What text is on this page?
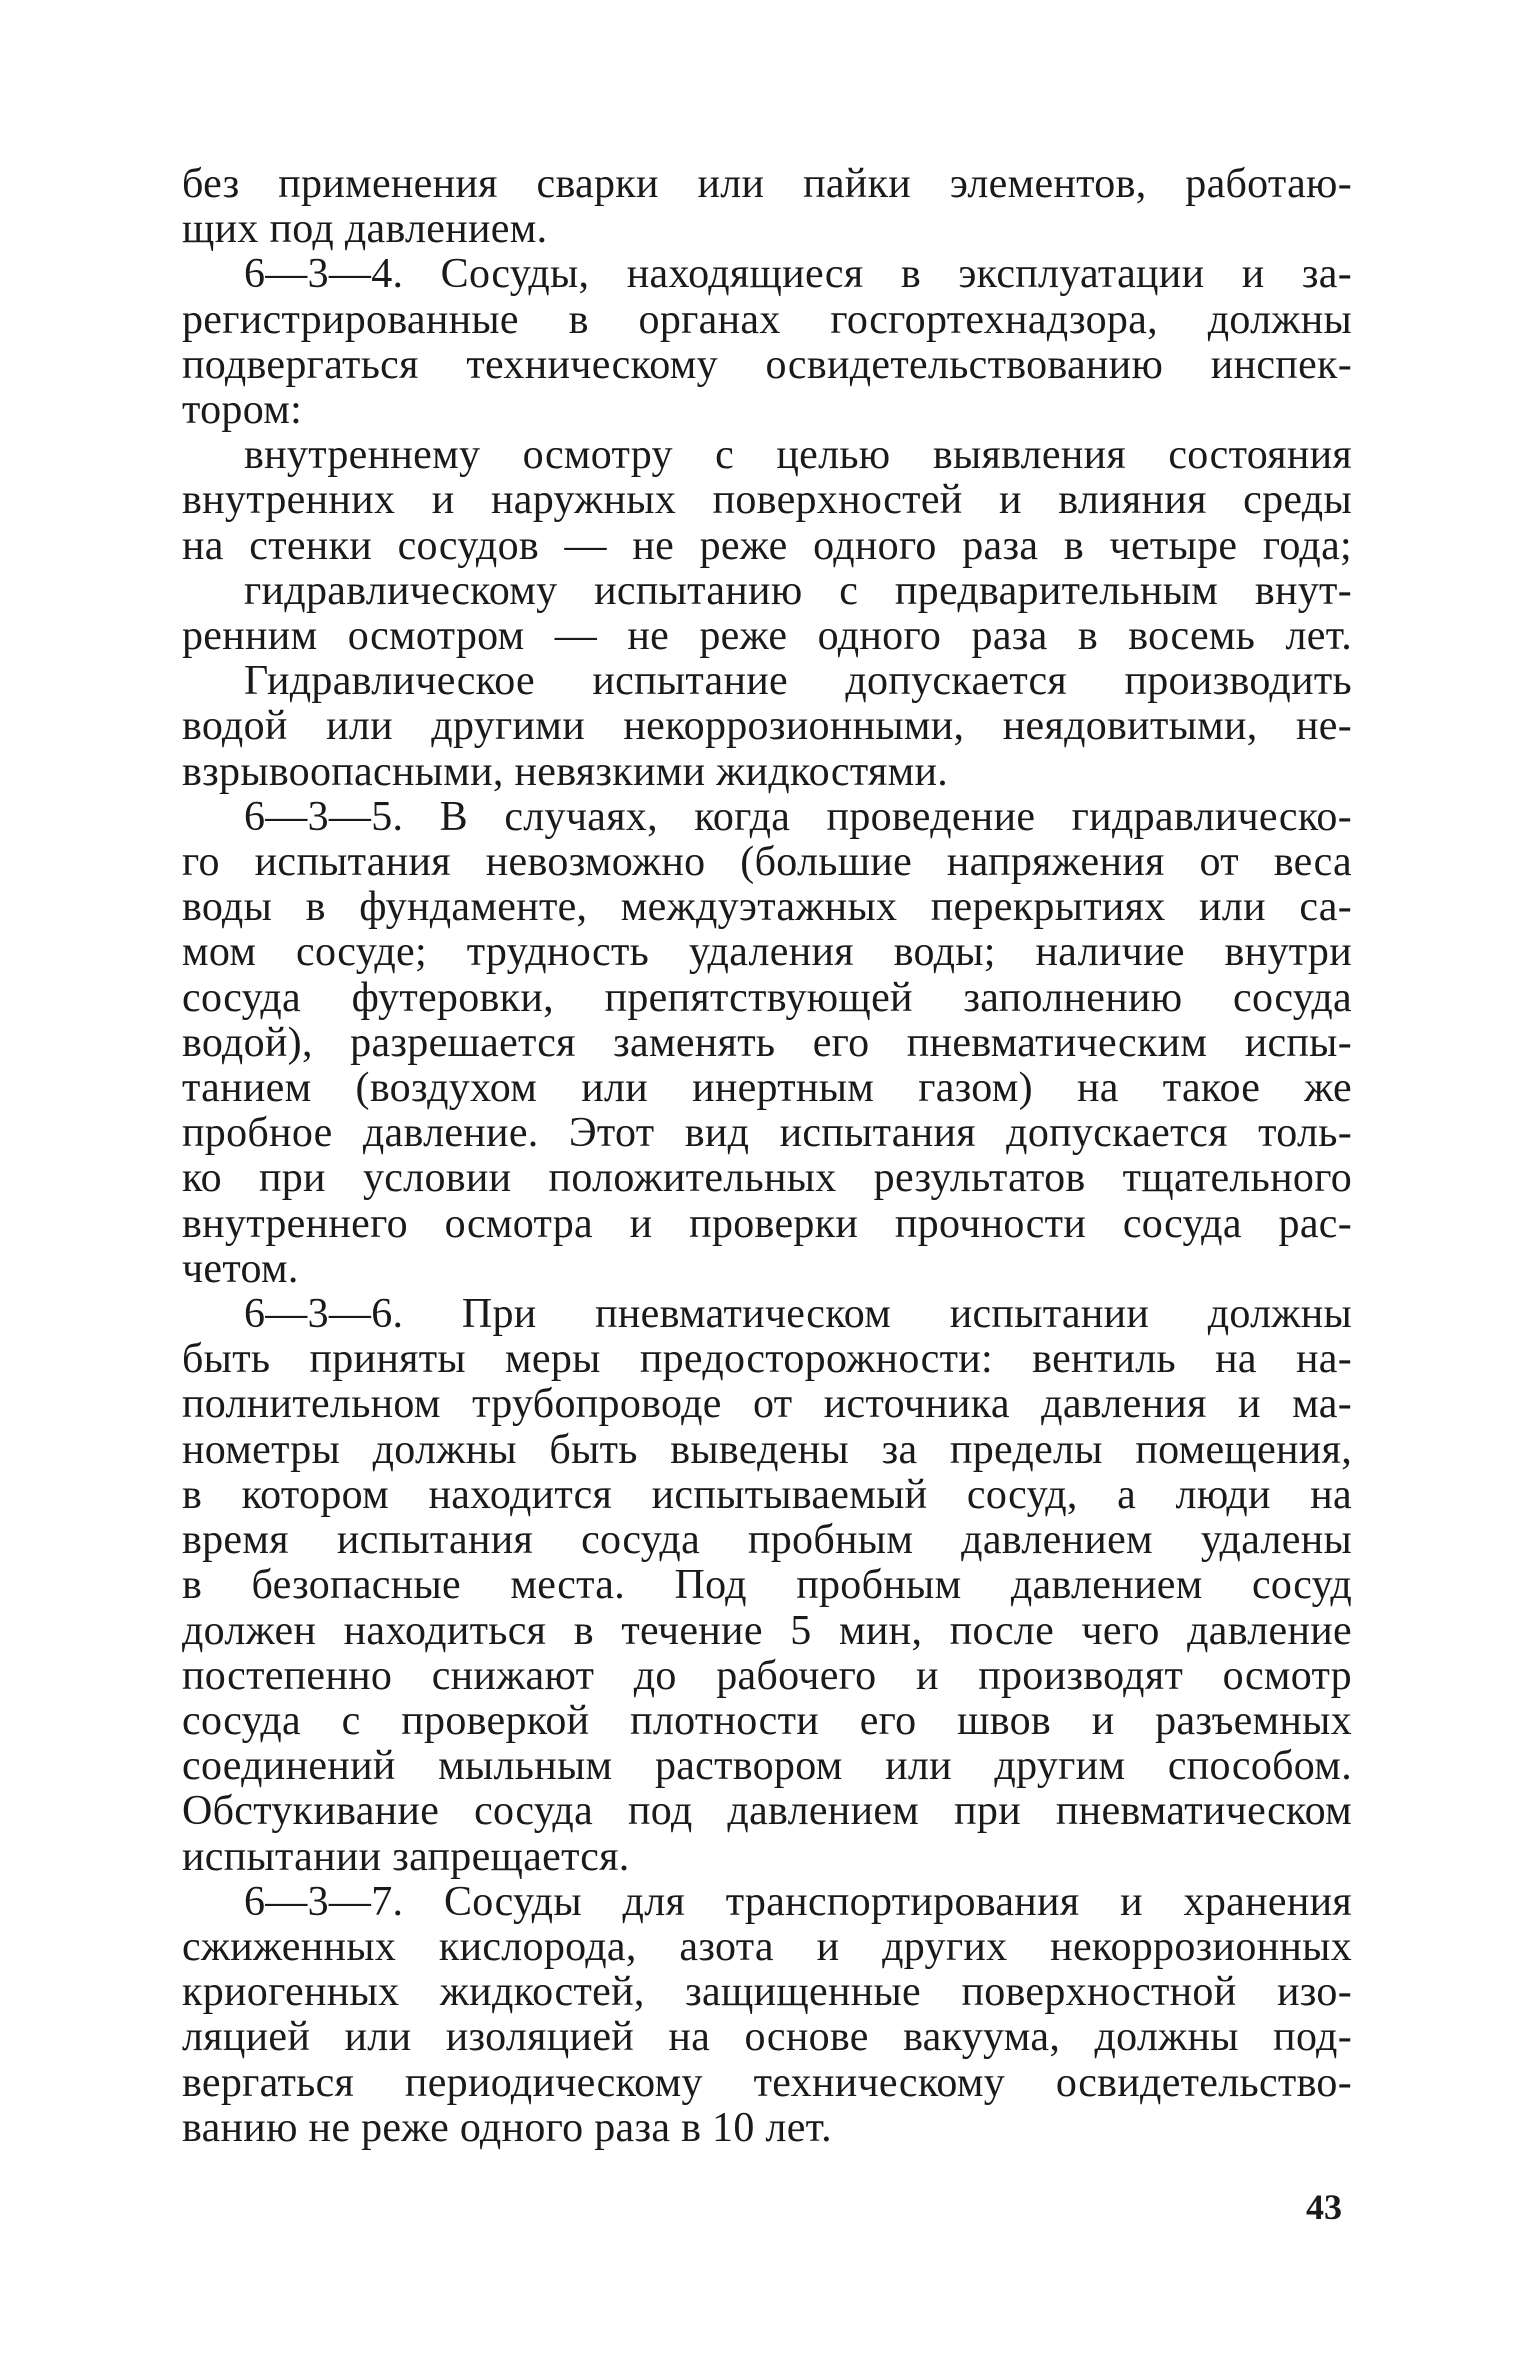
без применения сварки или пайки элементов, работаю-
щих под давлением.
6—3—4. Сосуды, находящиеся в эксплуатации и за-
регистрированные в органах госгортехнадзора, должны
подвергаться техническому освидетельствованию инспек-
тором:
внутреннему осмотру с целью выявления состояния
внутренних и наружных поверхностей и влияния среды
на стенки сосудов — не реже одного раза в четыре года;
гидравлическому испытанию с предварительным внут-
ренним осмотром — не реже одного раза в восемь лет.
Гидравлическое испытание допускается производить
водой или другими некоррозионными, неядовитыми, не-
взрывоопасными, невязкими жидкостями.
6—3—5. В случаях, когда проведение гидравлическо-
го испытания невозможно (большие напряжения от веса
воды в фундаменте, междуэтажных перекрытиях или са-
мом сосуде; трудность удаления воды; наличие внутри
сосуда футеровки, препятствующей заполнению сосуда
водой), разрешается заменять его пневматическим испы-
танием (воздухом или инертным газом) на такое же
пробное давление. Этот вид испытания допускается толь-
ко при условии положительных результатов тщательного
внутреннего осмотра и проверки прочности сосуда рас-
четом.
6—3—6. При пневматическом испытании должны
быть приняты меры предосторожности: вентиль на на-
полнительном трубопроводе от источника давления и ма-
нометры должны быть выведены за пределы помещения,
в котором находится испытываемый сосуд, а люди на
время испытания сосуда пробным давлением удалены
в безопасные места. Под пробным давлением сосуд
должен находиться в течение 5 мин, после чего давление
постепенно снижают до рабочего и производят осмотр
сосуда с проверкой плотности его швов и разъемных
соединений мыльным раствором или другим способом.
Обстукивание сосуда под давлением при пневматическом
испытании запрещается.
6—3—7. Сосуды для транспортирования и хранения
сжиженных кислорода, азота и других некоррозионных
криогенных жидкостей, защищенные поверхностной изо-
ляцией или изоляцией на основе вакуума, должны под-
вергаться периодическому техническому освидетельство-
ванию не реже одного раза в 10 лет.
43
